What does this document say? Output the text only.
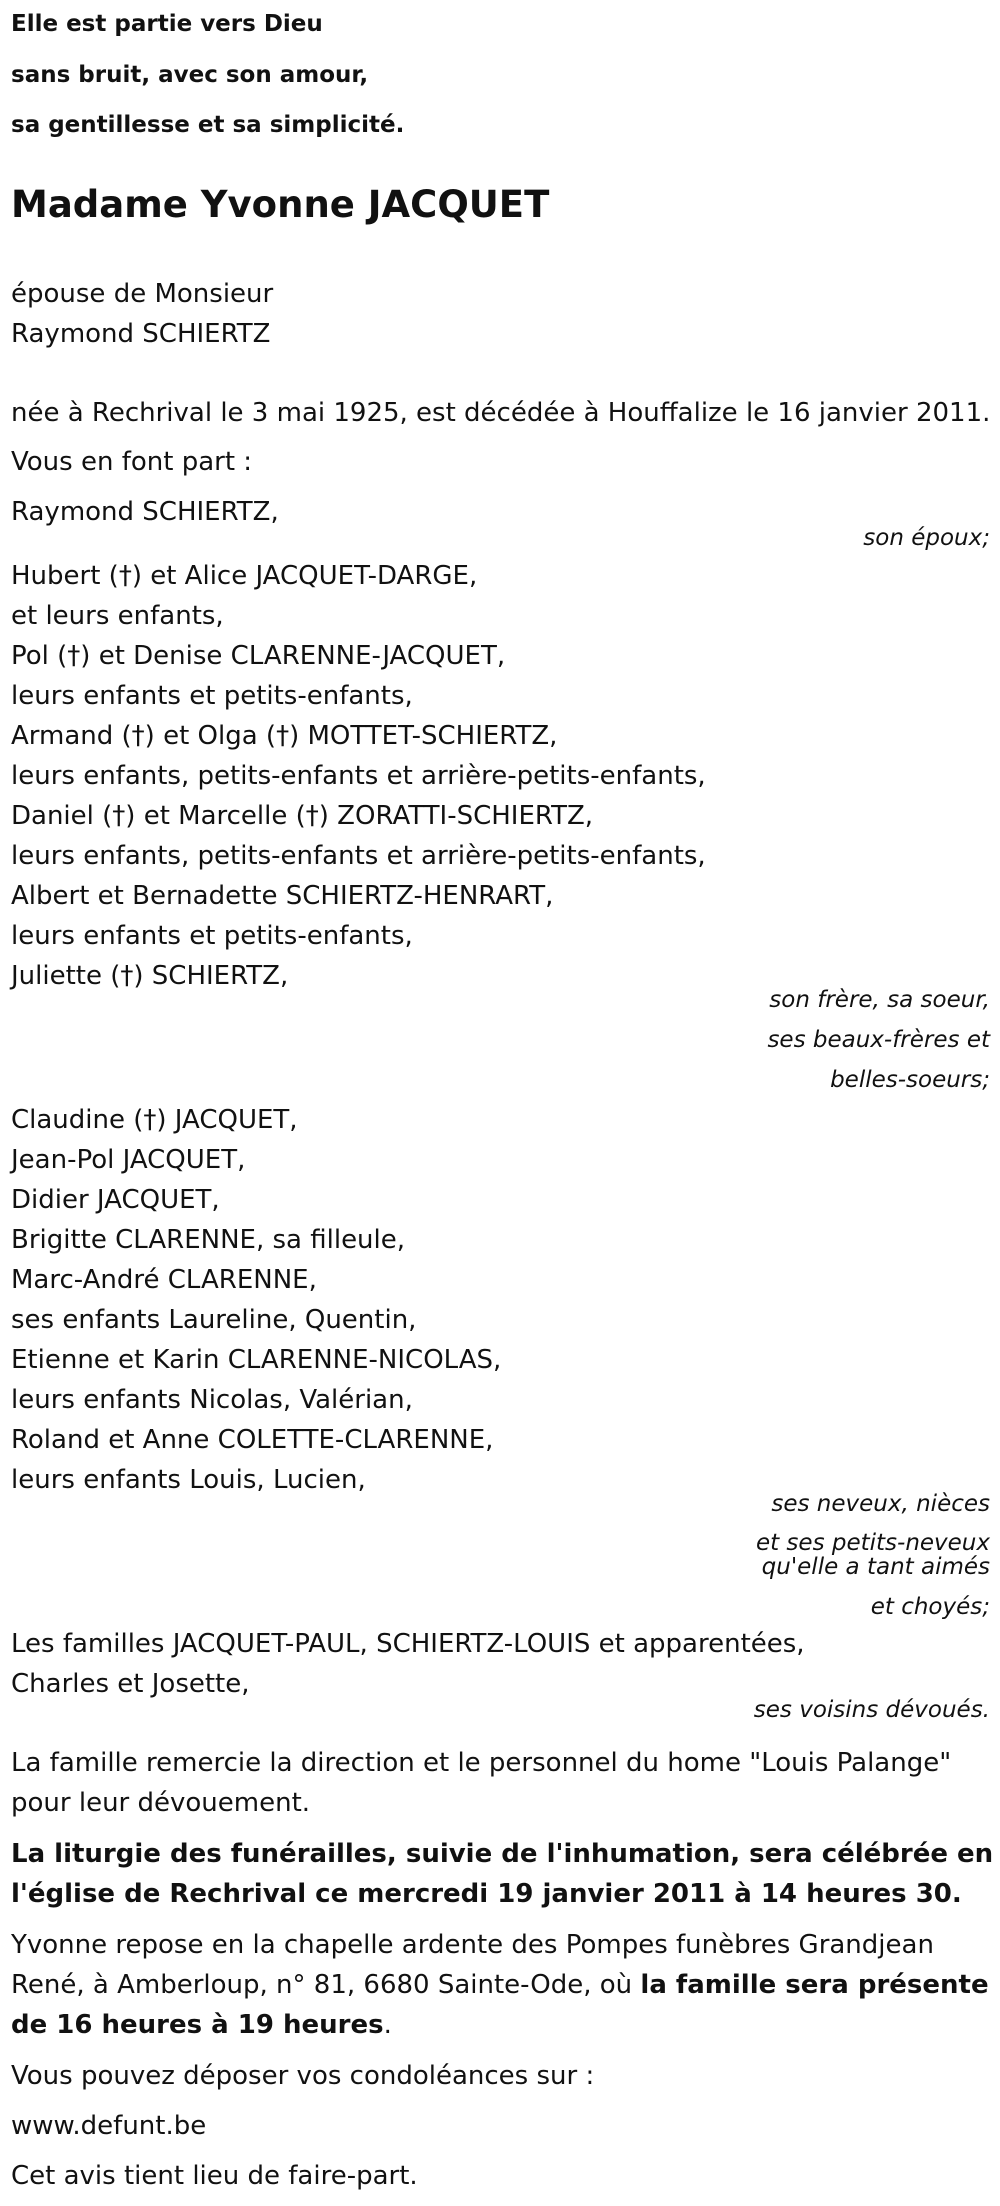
Elle est partie vers Dieu
sans bruit, avec son amour,
sa gentillesse et sa simplicité.
Madame Yvonne JACQUET
épouse de Monsieur
Raymond SCHIERTZ
née à Rechrival le 3 mai 1925, est décédée à Houffalize le 16 janvier 2011.
Vous en font part :
Raymond SCHIERTZ,
son époux;
Hubert (†) et Alice JACQUET-DARGE,
et leurs enfants,
Pol (†) et Denise CLARENNE-JACQUET,
leurs enfants et petits-enfants,
Armand (†) et Olga (†) MOTTET-SCHIERTZ,
leurs enfants, petits-enfants et arrière-petits-enfants,
Daniel (†) et Marcelle (†) ZORATTI-SCHIERTZ,
leurs enfants, petits-enfants et arrière-petits-enfants,
Albert et Bernadette SCHIERTZ-HENRART,
leurs enfants et petits-enfants,
Juliette (†) SCHIERTZ,
son frère, sa soeur,
ses beaux-frères et
belles-soeurs;
Claudine (†) JACQUET,
Jean-Pol JACQUET,
Didier JACQUET,
Brigitte CLARENNE, sa filleule,
Marc-André CLARENNE,
ses enfants Laureline, Quentin,
Etienne et Karin CLARENNE-NICOLAS,
leurs enfants Nicolas, Valérian,
Roland et Anne COLETTE-CLARENNE,
leurs enfants Louis, Lucien,
ses neveux, nièces
et ses petits-neveux
qu'elle a tant aimés
et choyés;
Les familles JACQUET-PAUL, SCHIERTZ-LOUIS et apparentées,
Charles et Josette,
ses voisins dévoués.
La famille remercie la direction et le personnel du home "Louis Palange"
pour leur dévouement.
La liturgie des funérailles, suivie de l'inhumation, sera célébrée en
l'église de Rechrival ce mercredi 19 janvier 2011 à 14 heures 30.
Yvonne repose en la chapelle ardente des Pompes funèbres Grandjean
René, à Amberloup, n° 81, 6680 Sainte-Ode, où la famille sera présente
de 16 heures à 19 heures.
Vous pouvez déposer vos condoléances sur :
www.defunt.be
Cet avis tient lieu de faire-part.
